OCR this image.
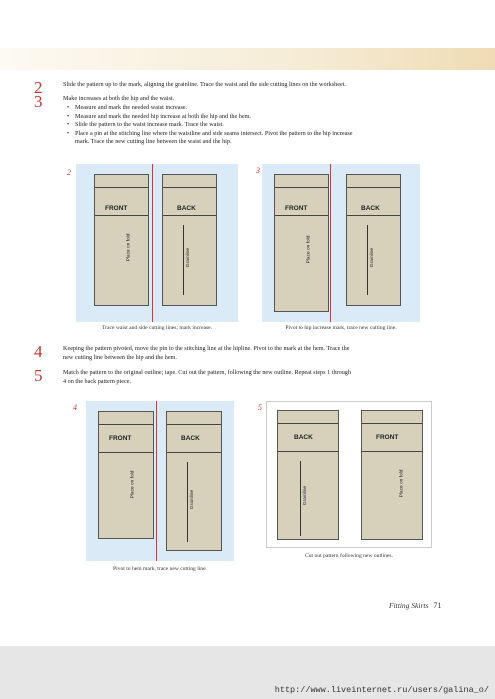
2	Slide the pattern up to the mark, aligning the grainline. Trace the waist and the side cutting lines on the worksheet.
3	Make increases at both the hip and the waist.
• Measure and mark the needed waist increase.
• Measure and mark the needed hip increase at both the hip and the hem.
• Slide the pattern to the waist increase mark. Trace the waist.
• Place a pin at the stitching line where the waistline and side seams intersect. Pivot the pattern to the hip increase
mark. Trace the new cutting line between the waist and the hip.
2
FRONT
Place on fold
BACK
Grainline
Trace waist and side cutting lines; mark increase.
3
FRONT
Place on fold
BACK
Grainline
Pivot to hip increase mark, trace new cutting line.
4	Keeping the pattern pivoted, move the pin to the stitching line at the hipline. Pivot to the mark at the hem. Trace the
new cutting line between the hip and the hem.
5	Match the pattern to the original outline; tape. Cut out the pattern, following the new outline. Repeat steps 1 through
4 on the back pattern piece.
4
FRONT
Place on fold
BACK
Grainline
Pivot to hem mark, trace new cutting line.
5
BACK
Grainline
FRONT
Place on fold
Cut out pattern following new outlines.
Fitting Skirts 71
http://www.liveinternet.ru/users/galina_o/
